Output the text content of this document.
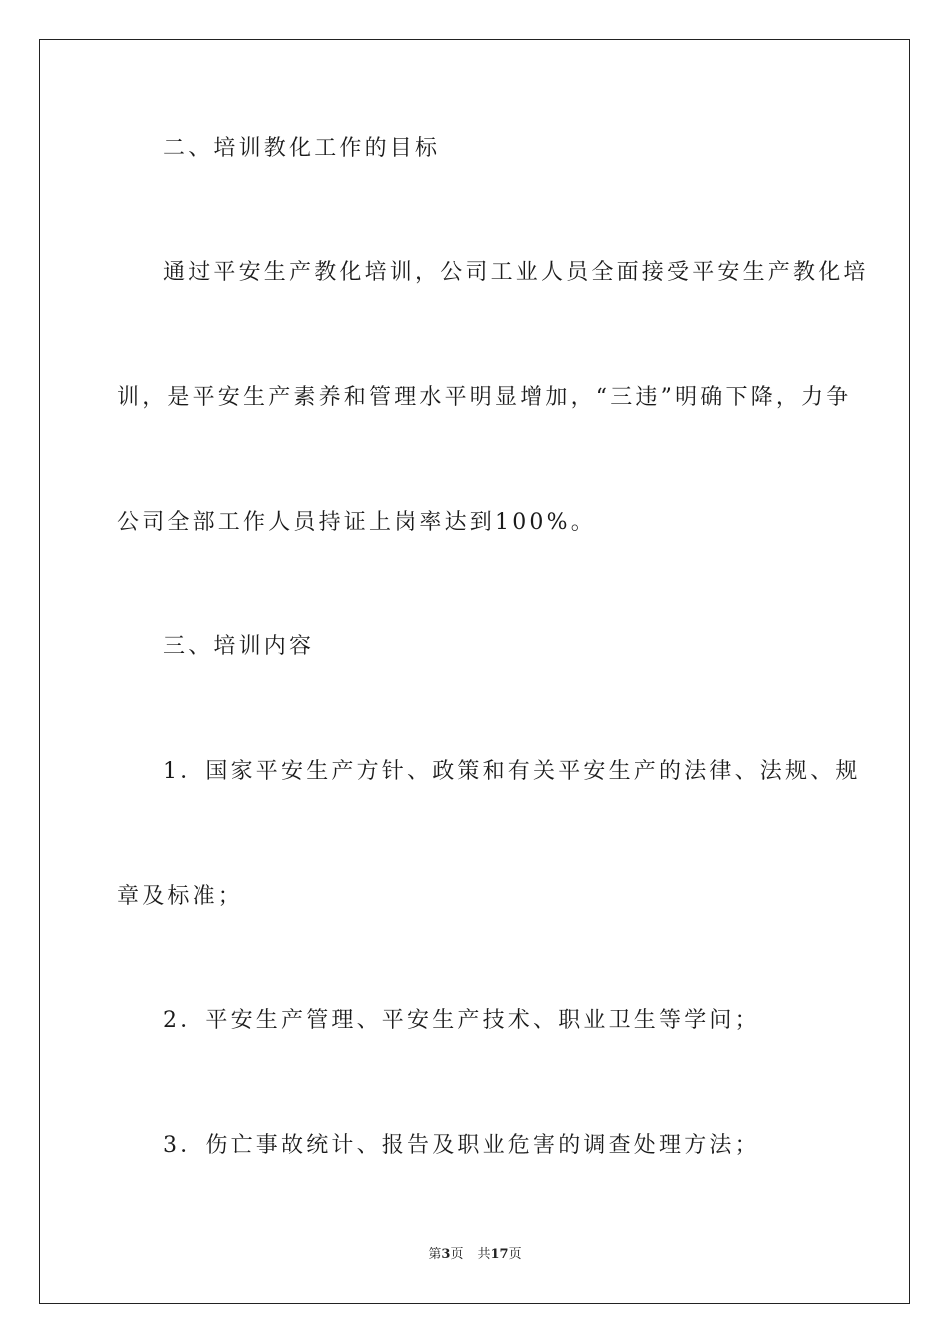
二、培训教化工作的目标
通过平安生产教化培训，公司工业人员全面接受平安生产教化培
训，是平安生产素养和管理水平明显增加，“三违”明确下降，力争
公司全部工作人员持证上岗率达到100%。
三、培训内容
1．国家平安生产方针、政策和有关平安生产的法律、法规、规
章及标准；
2．平安生产管理、平安生产技术、职业卫生等学问；
3．伤亡事故统计、报告及职业危害的调查处理方法；
第3页 共17页
